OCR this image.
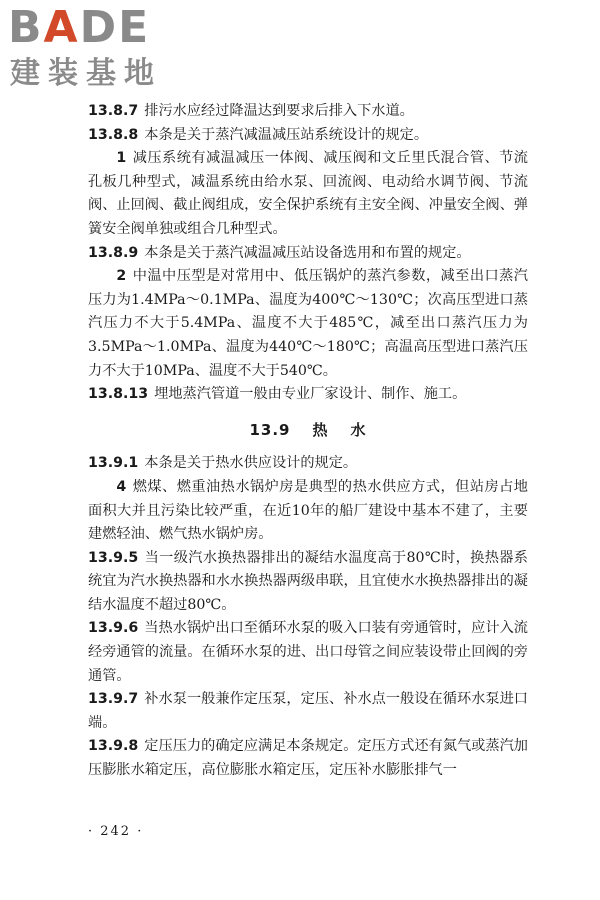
BADE
建装基地

13.8.7 排污水应经过降温达到要求后排入下水道。

13.8.8 本条是关于蒸汽减温减压站系统设计的规定。

1 减压系统有减温减压一体阀、减压阀和文丘里氏混合管、节流孔板几种型式，减温系统由给水泵、回流阀、电动给水调节阀、节流阀、止回阀、截止阀组成，安全保护系统有主安全阀、冲量安全阀、弹簧安全阀单独或组合几种型式。

13.8.9 本条是关于蒸汽减温减压站设备选用和布置的规定。

2 中温中压型是对常用中、低压锅炉的蒸汽参数，减至出口蒸汽压力为1.4MPa～0.1MPa、温度为400℃～130℃；次高压型进口蒸汽压力不大于5.4MPa、温度不大于485℃，减至出口蒸汽压力为3.5MPa～1.0MPa、温度为440℃～180℃；高温高压型进口蒸汽压力不大于10MPa、温度不大于540℃。

13.8.13 埋地蒸汽管道一般由专业厂家设计、制作、施工。

13.9 热 水

13.9.1 本条是关于热水供应设计的规定。

4 燃煤、燃重油热水锅炉房是典型的热水供应方式，但站房占地面积大并且污染比较严重，在近10年的船厂建设中基本不建了，主要建燃轻油、燃气热水锅炉房。

13.9.5 当一级汽水换热器排出的凝结水温度高于80℃时，换热器系统宜为汽水换热器和水水换热器两级串联，且宜使水水换热器排出的凝结水温度不超过80℃。

13.9.6 当热水锅炉出口至循环水泵的吸入口装有旁通管时，应计入流经旁通管的流量。在循环水泵的进、出口母管之间应装设带止回阀的旁通管。

13.9.7 补水泵一般兼作定压泵，定压、补水点一般设在循环水泵进口端。

13.9.8 定压压力的确定应满足本条规定。定压方式还有氮气或蒸汽加压膨胀水箱定压，高位膨胀水箱定压，定压补水膨胀排气一

· 242 ·
